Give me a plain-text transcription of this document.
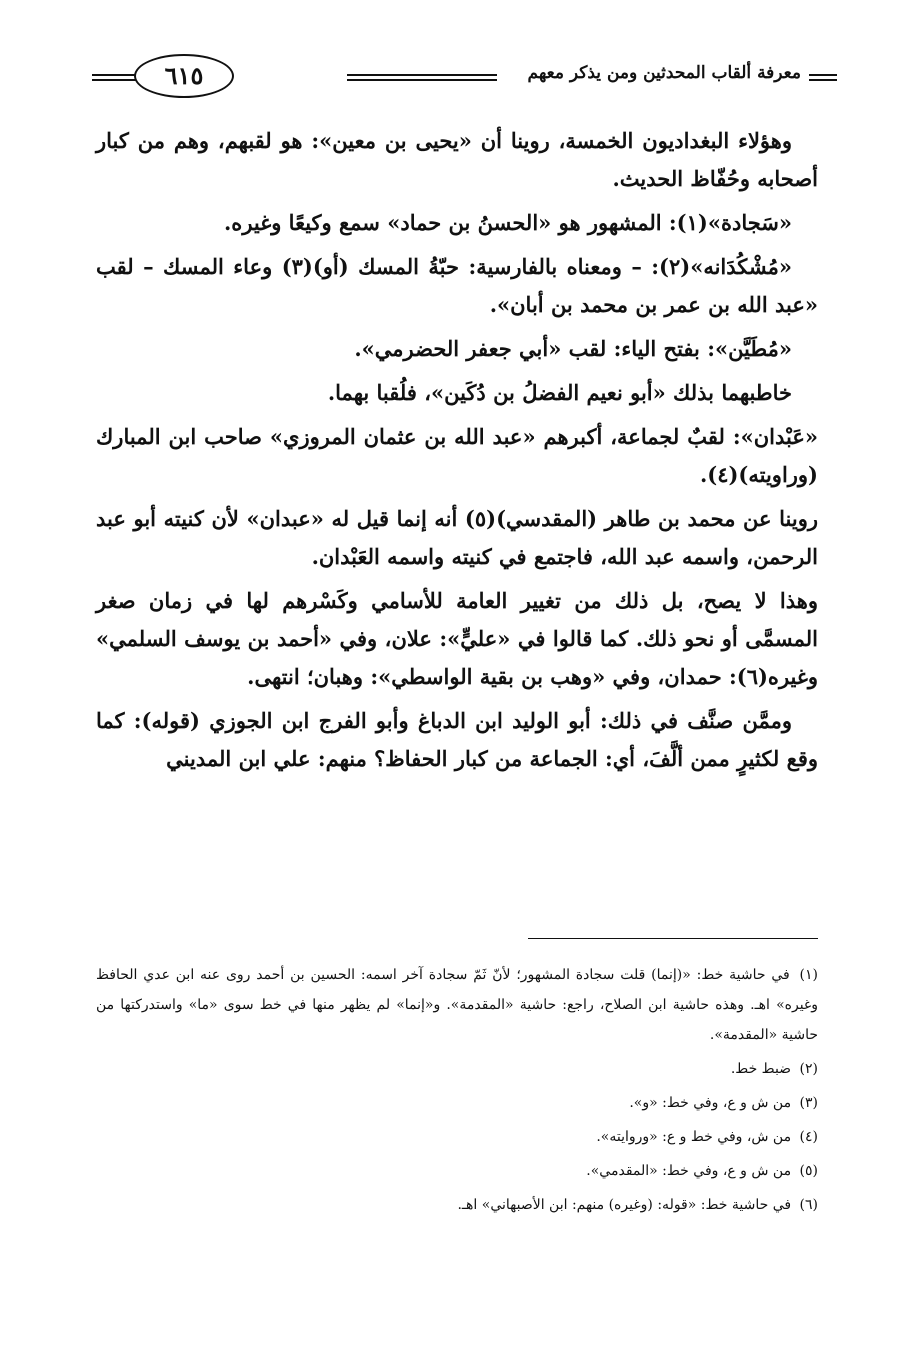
معرفة ألقاب المحدثين ومن يذكر معهم
٦١٥

وهؤلاء البغداديون الخمسة، روينا أن «يحيى بن معين»: هو لقبهم، وهم من كبار أصحابه وحُفّاظ الحديث.

«سَجادة»(١): المشهور هو «الحسنُ بن حماد» سمع وكيعًا وغيره.

«مُشْكُدَانه»(٢): – ومعناه بالفارسية: حبّةُ المسك (أو)(٣) وعاء المسك – لقب «عبد الله بن عمر بن محمد بن أبان».

«مُطَيَّن»: بفتح الياء: لقب «أبي جعفر الحضرمي».

خاطبهما بذلك «أبو نعيم الفضلُ بن دُكَين»، فلُقبا بهما.

«عَبْدان»: لقبٌ لجماعة، أكبرهم «عبد الله بن عثمان المروزي» صاحب ابن المبارك (وراويته)(٤).

روينا عن محمد بن طاهر (المقدسي)(٥) أنه إنما قيل له «عبدان» لأن كنيته أبو عبد الرحمن، واسمه عبد الله، فاجتمع في كنيته واسمه العَبْدان.

وهذا لا يصح، بل ذلك من تغيير العامة للأسامي وكَسْرهم لها في زمان صغر المسمَّى أو نحو ذلك. كما قالوا في «عليٍّ»: علان، وفي «أحمد بن يوسف السلمي» وغيره(٦): حمدان، وفي «وهب بن بقية الواسطي»: وهبان؛ انتهى.

وممَّن صنَّف في ذلك: أبو الوليد ابن الدباغ وأبو الفرج ابن الجوزي (قوله): كما وقع لكثيرٍ ممن ألَّفَ، أي: الجماعة من كبار الحفاظ؟ منهم: علي ابن المديني

(١) في حاشية خط: «(إنما) قلت سجادة المشهور؛ لأنّ ثَمّ سجادة آخر اسمه: الحسين بن أحمد روى عنه ابن عدي الحافظ وغيره» اهـ. وهذه حاشية ابن الصلاح، راجع: حاشية «المقدمة». و«إنما» لم يظهر منها في خط سوى «ما» واستدركتها من حاشية «المقدمة».

(٢) ضبط خط.

(٣) من ش و ع، وفي خط: «و».

(٤) من ش، وفي خط و ع: «وروايته».

(٥) من ش و ع، وفي خط: «المقدمي».

(٦) في حاشية خط: «قوله: (وغيره) منهم: ابن الأصبهاني» اهـ.
